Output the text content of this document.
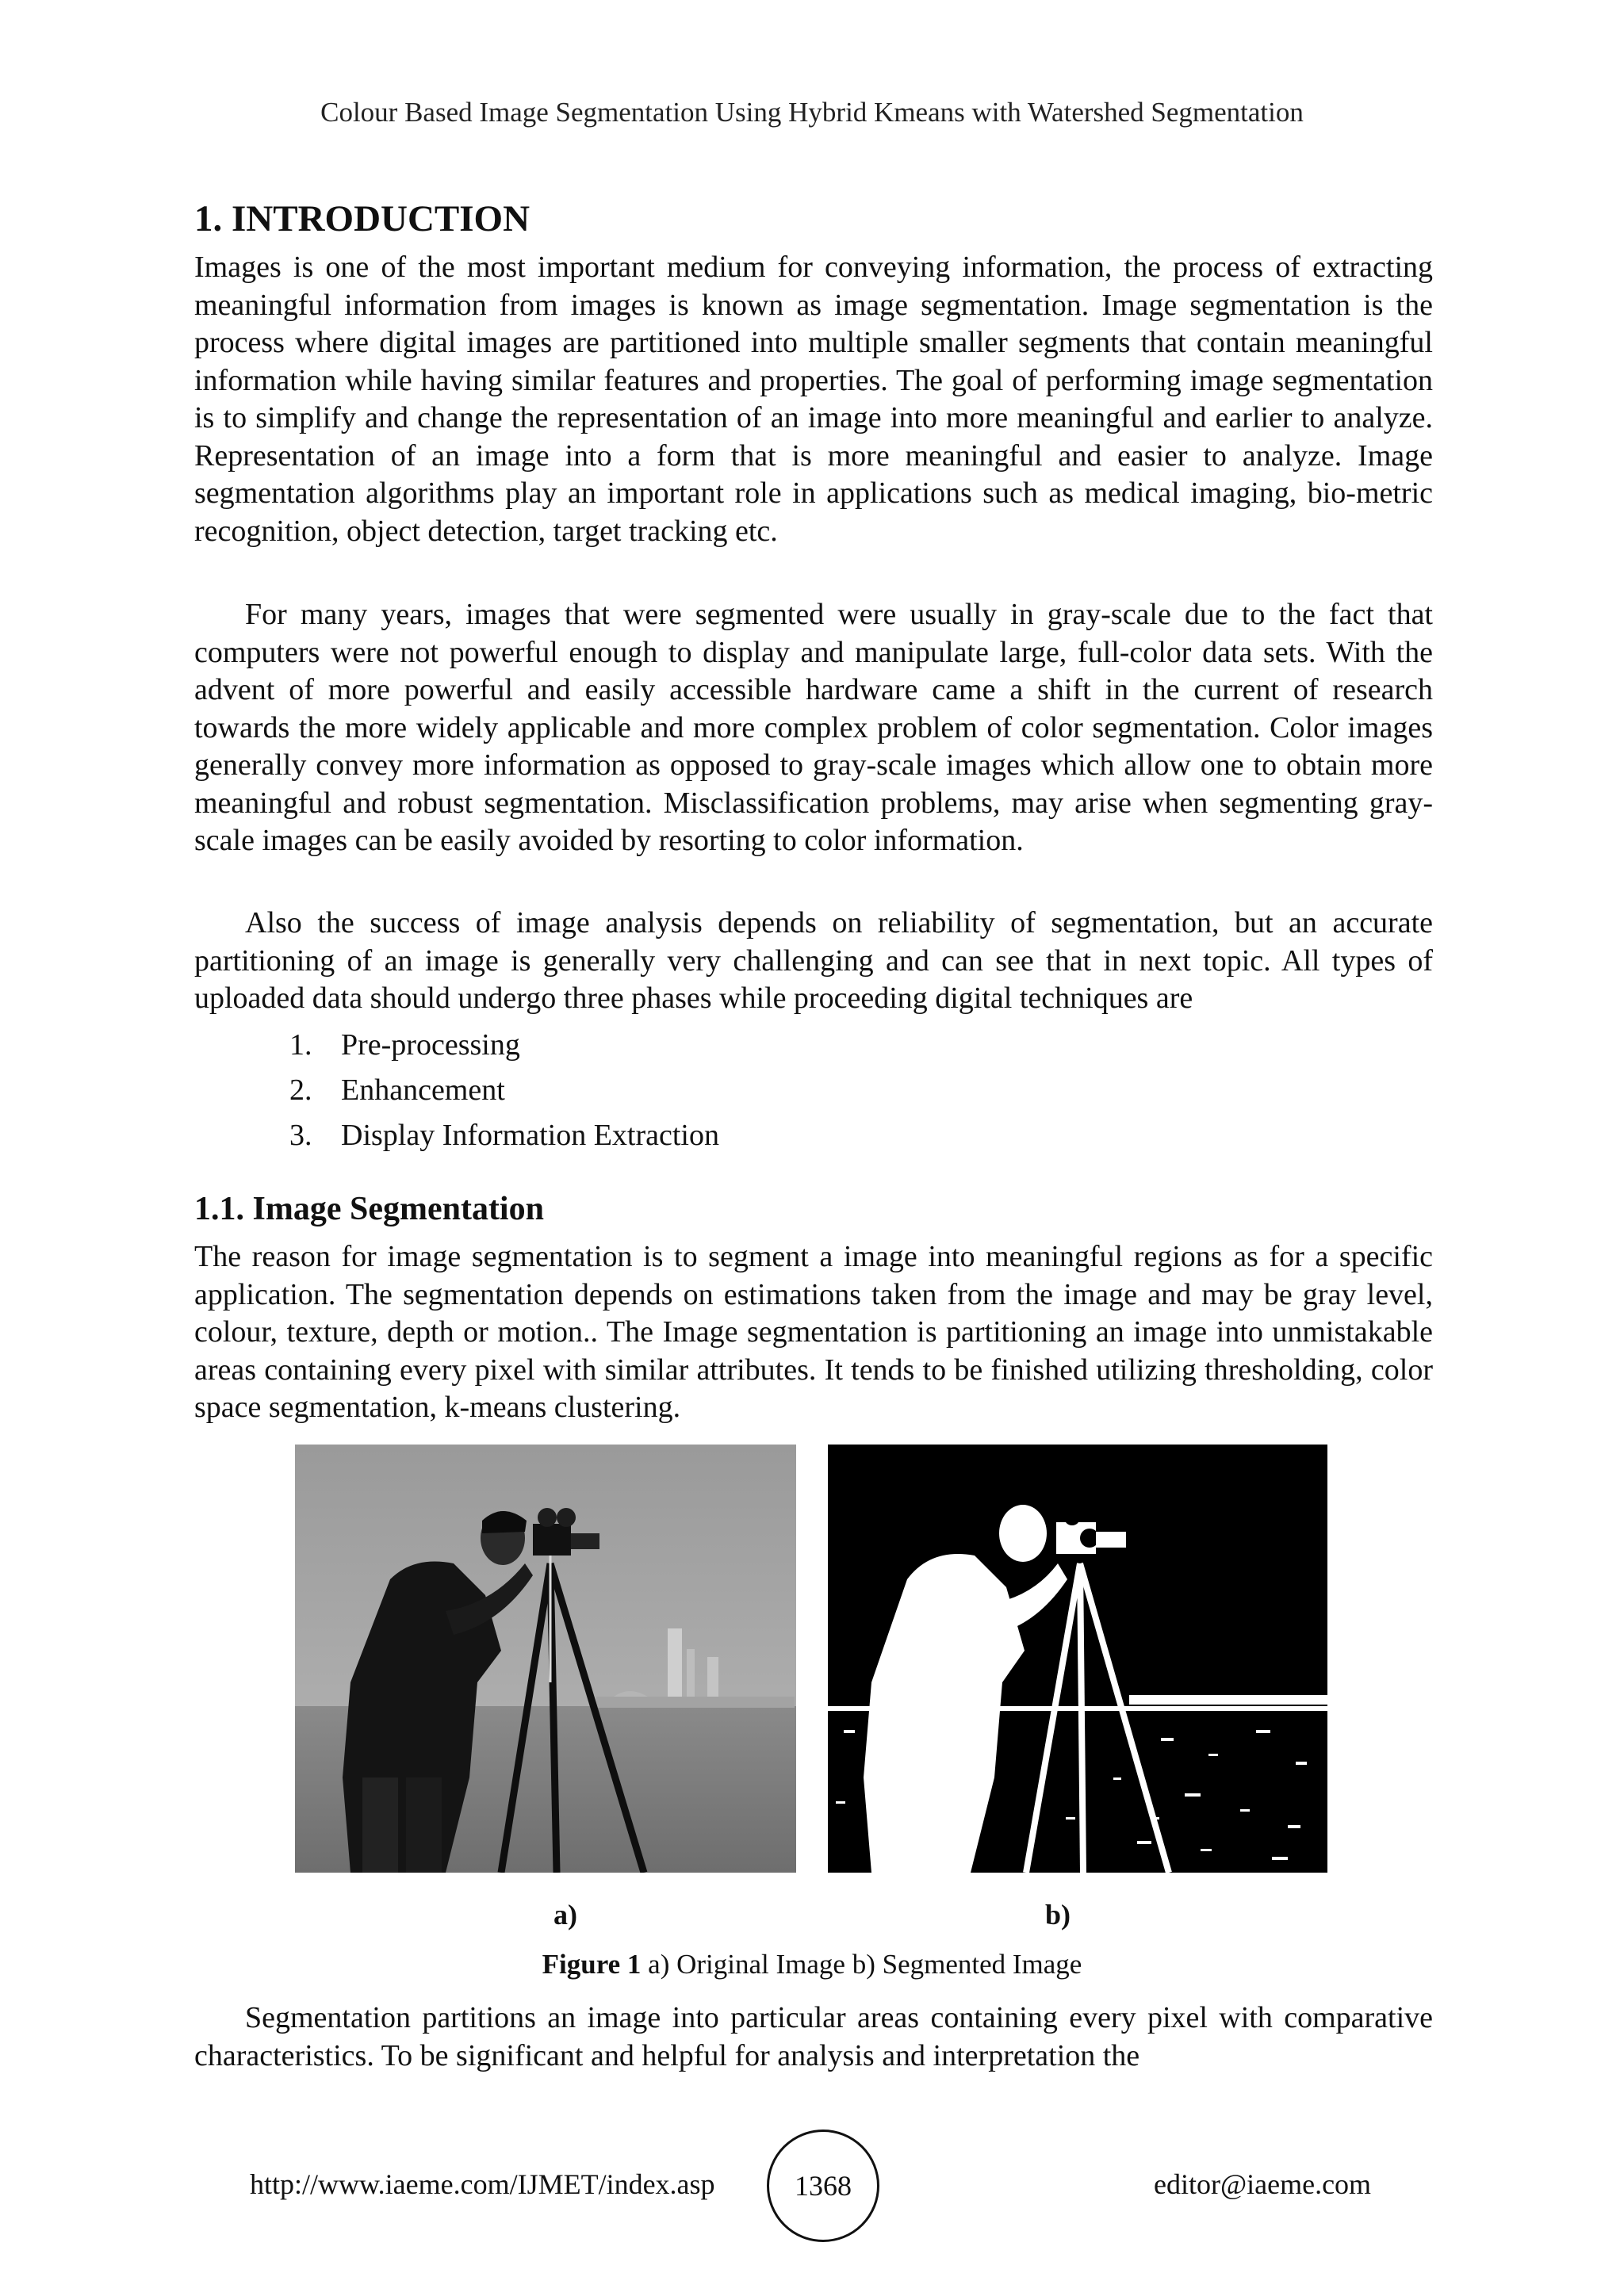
Colour Based Image Segmentation Using Hybrid Kmeans with Watershed Segmentation
1. INTRODUCTION

Images is one of the most important medium for conveying information, the process of extracting meaningful information from images is known as image segmentation. Image segmentation is the process where digital images are partitioned into multiple smaller segments that contain meaningful information while having similar features and properties. The goal of performing image segmentation is to simplify and change the representation of an image into more meaningful and earlier to analyze. Representation of an image into a form that is more meaningful and easier to analyze. Image segmentation algorithms play an important role in applications such as medical imaging, bio-metric recognition, object detection, target tracking etc.

For many years, images that were segmented were usually in gray-scale due to the fact that computers were not powerful enough to display and manipulate large, full-color data sets. With the advent of more powerful and easily accessible hardware came a shift in the current of research towards the more widely applicable and more complex problem of color segmentation. Color images generally convey more information as opposed to gray-scale images which allow one to obtain more meaningful and robust segmentation. Misclassification problems, may arise when segmenting gray-scale images can be easily avoided by resorting to color information.

Also the success of image analysis depends on reliability of segmentation, but an accurate partitioning of an image is generally very challenging and can see that in next topic. All types of uploaded data should undergo three phases while proceeding digital techniques are

1. Pre-processing
2. Enhancement
3. Display Information Extraction
1.1. Image Segmentation

The reason for image segmentation is to segment a image into meaningful regions as for a specific application. The segmentation depends on estimations taken from the image and may be gray level, colour, texture, depth or motion.. The Image segmentation is partitioning an image into unmistakable areas containing every pixel with similar attributes. It tends to be finished utilizing thresholding, color space segmentation, k-means clustering.

a)	b)
Figure 1 a) Original Image b) Segmented Image

Segmentation partitions an image into particular areas containing every pixel with comparative characteristics. To be significant and helpful for analysis and interpretation the

http://www.iaeme.com/IJMET/index.asp	1368	editor@iaeme.com
